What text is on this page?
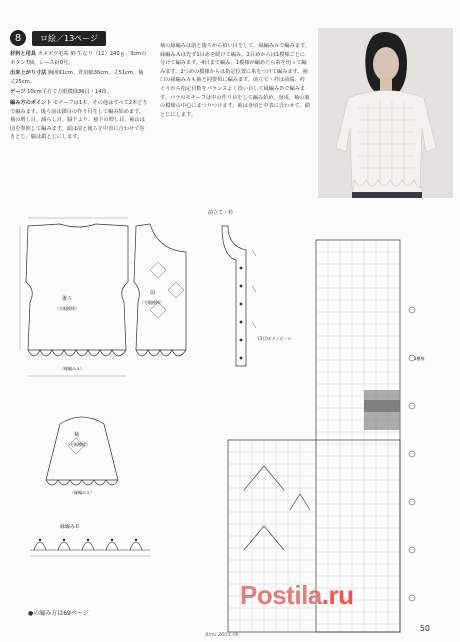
8	ロ絵／13ページ

材料と用具 カネボウ毛糸 納 生なり（11）240ｇ、3cmのボタン7個、レース針0号。

出来上がり寸法 胸囲91cm、背肩幅36cm、丈51cm、袖丈25cm。

ゲージ 10cm平方で方眼模様36目・14段。

編み方のポイント モチーフは1本、その他はすべて2本どりで編みます。後ろ前は鎖目の作り目をして編み始めます。袖の増し目、減らし目、脇下より、袖下の増し目、袖山は図を参照して編みます。頭は前と後ろを中表に合わせて巻きとじ、脇は鎖とじにします。

袖の縁編みは前と後ろから拾い目をして、縁編みＡで編みます。縁編みＡは先ず1目めを続けて編み、2目めからは1模様ごとに分けて編みます。4目まで編み、1模様が編めたら糸を切って編みます。2つめの模様からは指定位置に糸をつけて編みます。袖口の縁編みＡも袖と同要領に編みます。前立て・衿は前端、衿ぐりから指定目数をバランスよく拾い目して縁編みＢで編みます。バラのモチーフは中の作り目をして編み始め、身頃、袖の裏の模様の中心にまつりつけます。袖は身頃と中表に合わせて、鎖とじにします。

後ろ
（方眼模様）
（縁編みＡ）
前
（方眼模様）
前立て・衿
(3目)ボタンホール
袖
（方眼模様）
（縁編みＡ）
縁編みＢ
1模様
●の編み方は69ページ
Postila.ru
Amu 2003.06
50
